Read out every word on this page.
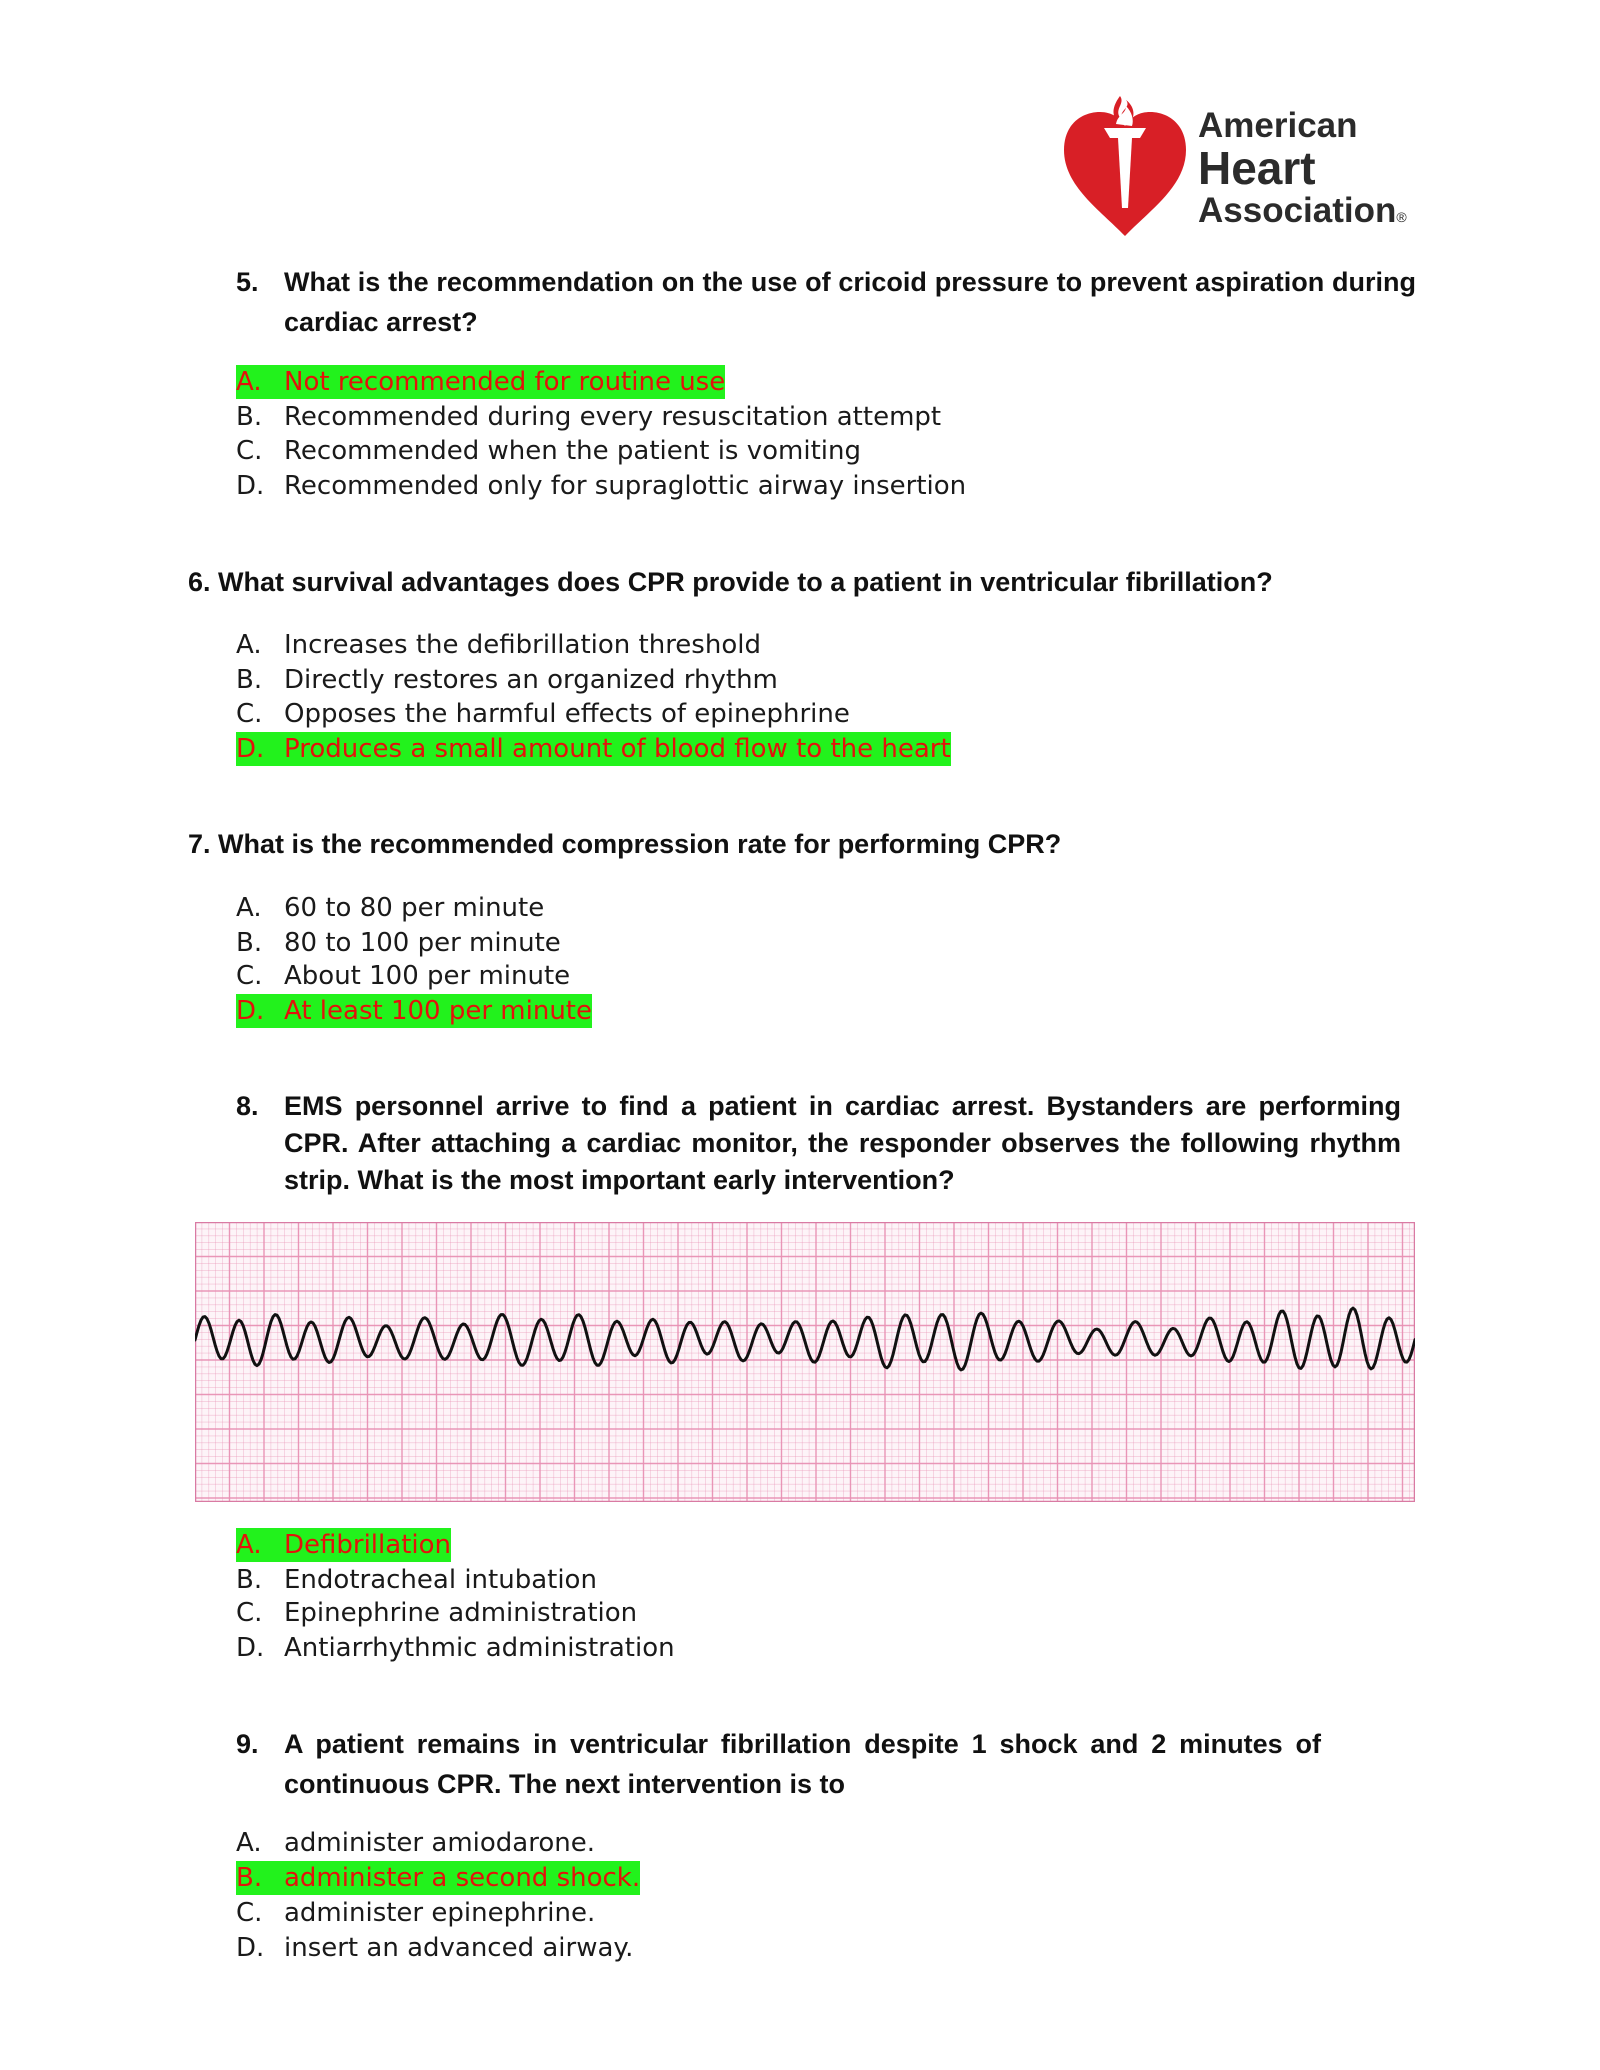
American
Heart
Association®
5. What is the recommendation on the use of cricoid pressure to prevent aspiration during cardiac arrest?
A. Not recommended for routine use
B. Recommended during every resuscitation attempt
C. Recommended when the patient is vomiting
D. Recommended only for supraglottic airway insertion
6. What survival advantages does CPR provide to a patient in ventricular fibrillation?
A. Increases the defibrillation threshold
B. Directly restores an organized rhythm
C. Opposes the harmful effects of epinephrine
D. Produces a small amount of blood flow to the heart
7. What is the recommended compression rate for performing CPR?
A. 60 to 80 per minute
B. 80 to 100 per minute
C. About 100 per minute
D. At least 100 per minute
8. EMS personnel arrive to find a patient in cardiac arrest. Bystanders are performing CPR. After attaching a cardiac monitor, the responder observes the following rhythm strip. What is the most important early intervention?
A. Defibrillation
B. Endotracheal intubation
C. Epinephrine administration
D. Antiarrhythmic administration
9. A patient remains in ventricular fibrillation despite 1 shock and 2 minutes of continuous CPR. The next intervention is to
A. administer amiodarone.
B. administer a second shock.
C. administer epinephrine.
D. insert an advanced airway.
